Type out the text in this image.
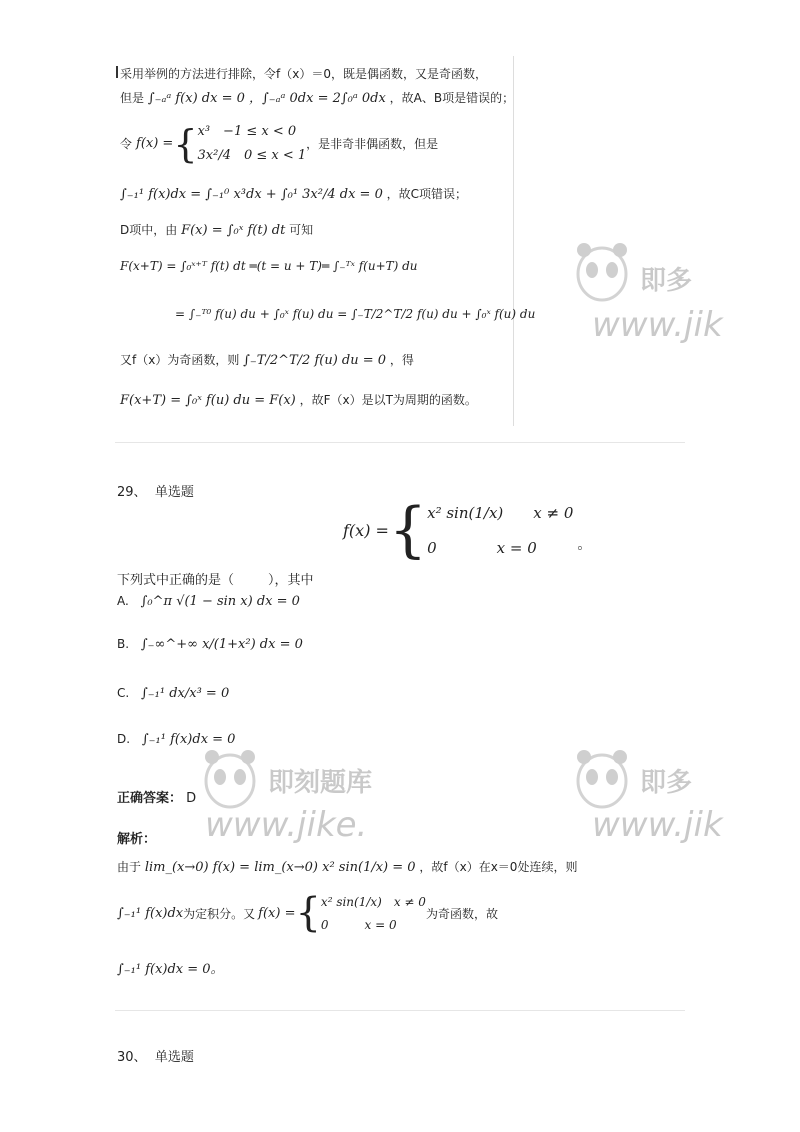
采用举例的方法进行排除，令f（x）＝0，既是偶函数，又是奇函数，
但是 ∫₋ₐᵃ f(x) dx = 0 ，∫₋ₐᵃ 0dx = 2∫₀ᵃ 0dx ，故A、B项是错误的；
令 f(x) = { x³　−1 ≤ x < 0
3x²/4　0 ≤ x < 1
，是非奇非偶函数，但是
∫₋₁¹ f(x)dx = ∫₋₁⁰ x³dx + ∫₀¹ 3x²/4 dx = 0 ，故C项错误；
D项中，由 F(x) = ∫₀ˣ f(t) dt 可知
F(x+T) = ∫₀ˣ⁺ᵀ f(t) dt ═(t = u + T)═ ∫₋ᵀˣ f(u+T) du
= ∫₋ᵀ⁰ f(u) du + ∫₀ˣ f(u) du = ∫₋T/2^T/2 f(u) du + ∫₀ˣ f(u) du
又f（x）为奇函数，则 ∫₋T/2^T/2 f(u) du = 0 ，得
F(x+T) = ∫₀ˣ f(u) du = F(x) ，故F（x）是以T为周期的函数。
29、 单选题
f(x) = { x² sin(1/x)　　x ≠ 0
0　　　　x = 0	。
下列式中正确的是（	），其中
A. ∫₀^π √(1 − sin x) dx = 0
B. ∫₋∞^+∞ x/(1+x²) dx = 0
C. ∫₋₁¹ dx/x³ = 0
D. ∫₋₁¹ f(x)dx = 0
正确答案： D
解析：
由于 lim_(x→0) f(x) = lim_(x→0) x² sin(1/x) = 0 ，故f（x）在x＝0处连续，则
∫₋₁¹ f(x)dx 为定积分。又 f(x) = { x² sin(1/x)　x ≠ 0
0　　　x = 0
为奇函数，故
∫₋₁¹ f(x)dx = 0。
30、 单选题
即多
www.jik
即刻题库
www.jike.
即多
www.jik
